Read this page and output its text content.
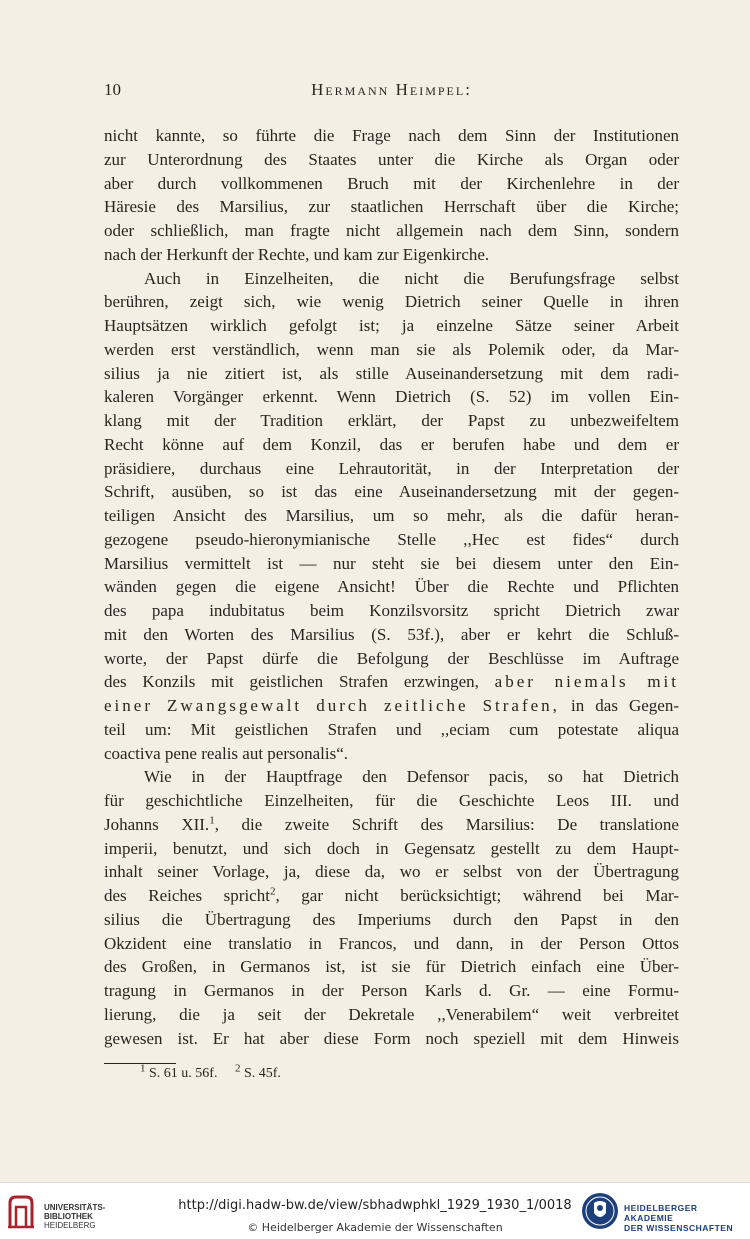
10	Hermann Heimpel:
nicht kannte, so führte die Frage nach dem Sinn der Institutionen
zur Unterordnung des Staates unter die Kirche als Organ oder
aber durch vollkommenen Bruch mit der Kirchenlehre in der
Häresie des Marsilius, zur staatlichen Herrschaft über die Kirche;
oder schließlich, man fragte nicht allgemein nach dem Sinn, sondern
nach der Herkunft der Rechte, und kam zur Eigenkirche.
Auch in Einzelheiten, die nicht die Berufungsfrage selbst
berühren, zeigt sich, wie wenig Dietrich seiner Quelle in ihren
Hauptsätzen wirklich gefolgt ist; ja einzelne Sätze seiner Arbeit
werden erst verständlich, wenn man sie als Polemik oder, da Mar-
silius ja nie zitiert ist, als stille Auseinandersetzung mit dem radi-
kaleren Vorgänger erkennt. Wenn Dietrich (S. 52) im vollen Ein-
klang mit der Tradition erklärt, der Papst zu unbezweifeltem
Recht könne auf dem Konzil, das er berufen habe und dem er
präsidiere, durchaus eine Lehrautorität, in der Interpretation der
Schrift, ausüben, so ist das eine Auseinandersetzung mit der gegen-
teiligen Ansicht des Marsilius, um so mehr, als die dafür heran-
gezogene pseudo-hieronymianische Stelle ,,Hec est fides“ durch
Marsilius vermittelt ist — nur steht sie bei diesem unter den Ein-
wänden gegen die eigene Ansicht! Über die Rechte und Pflichten
des papa indubitatus beim Konzilsvorsitz spricht Dietrich zwar
mit den Worten des Marsilius (S. 53f.), aber er kehrt die Schluß-
worte, der Papst dürfe die Befolgung der Beschlüsse im Auftrage
des Konzils mit geistlichen Strafen erzwingen, aber niemals mit
einer Zwangsgewalt durch zeitliche Strafen, in das Gegen-
teil um: Mit geistlichen Strafen und ,,eciam cum potestate aliqua
coactiva pene realis aut personalis“.
Wie in der Hauptfrage den Defensor pacis, so hat Dietrich
für geschichtliche Einzelheiten, für die Geschichte Leos III. und
Johanns XII.$^1$, die zweite Schrift des Marsilius: De translatione
imperii, benutzt, und sich doch in Gegensatz gestellt zu dem Haupt-
inhalt seiner Vorlage, ja, diese da, wo er selbst von der Übertragung
des Reiches spricht$^2$, gar nicht berücksichtigt; während bei Mar-
silius die Übertragung des Imperiums durch den Papst in den
Okzident eine translatio in Francos, und dann, in der Person Ottos
des Großen, in Germanos ist, ist sie für Dietrich einfach eine Über-
tragung in Germanos in der Person Karls d. Gr. — eine Formu-
lierung, die ja seit der Dekretale ,,Venerabilem“ weit verbreitet
gewesen ist. Er hat aber diese Form noch speziell mit dem Hinweis
$^1$ S. 61 u. 56f. $^2$ S. 45f.
UNIVERSITÄTS-
BIBLIOTHEK
HEIDELBERG
http://digi.hadw-bw.de/view/sbhadwphkl_1929_1930_1/0018
© Heidelberger Akademie der Wissenschaften
HEIDELBERGER AKADEMIE
DER WISSENSCHAFTEN
